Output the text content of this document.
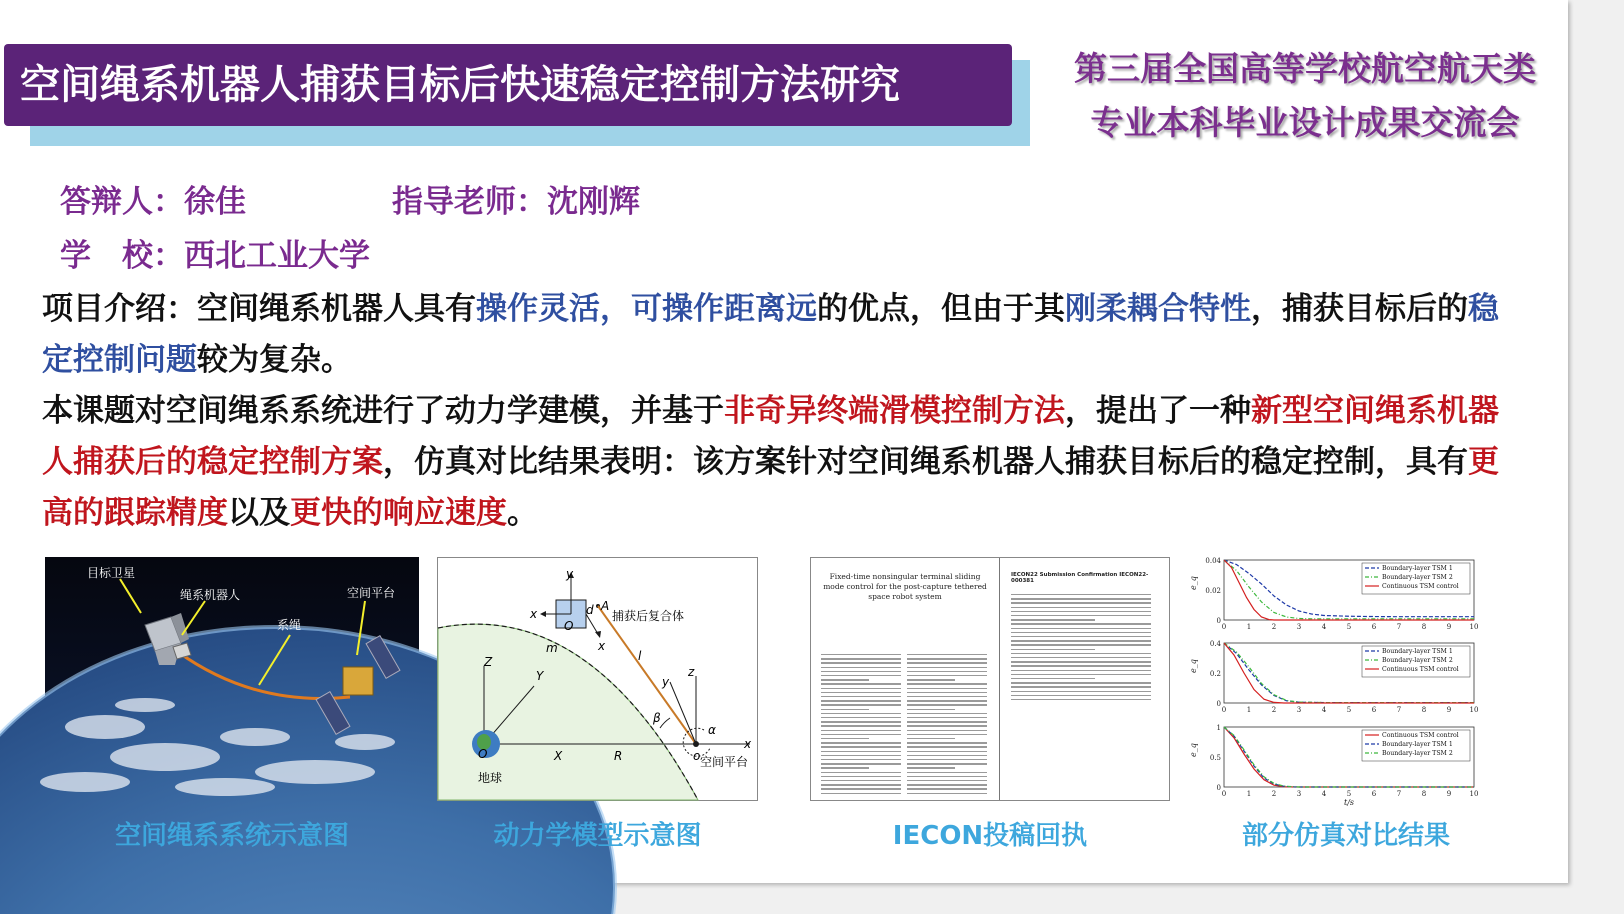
空间绳系机器人捕获目标后快速稳定控制方法研究	第三届全国高等学校航空航天类
专业本科毕业设计成果交流会
答辩人：徐佳	指导老师：沈刚辉
学　校：西北工业大学

项目介绍：空间绳系机器人具有操作灵活，可操作距离远的优点，但由于其刚柔耦合特性，捕获目标后的稳定控制问题较为复杂。

本课题对空间绳系系统进行了动力学建模，并基于非奇异终端滑模控制方法，提出了一种新型空间绳系机器人捕获后的稳定控制方案，仿真对比结果表明：该方案针对空间绳系机器人捕获目标后的稳定控制，具有更高的跟踪精度以及更快的响应速度。

目标卫星
绳系机器人	空间平台
系绳
空间绳系系统示意图
y
x
A
O
d
m	x
l
捕获后复合体
Z
Y
O	X	R
z
y
o
x
β
α
地球
空间平台
动力学模型示意图
Fixed-time nonsingular terminal sliding mode control for the post-capture tethered space robot system
IECON22 Submission Confirmation IECON22-000381
IECON投稿回执
0	1	2	3	4	5	6	7	8	9	10
0.04
0.02
0
e_q
Boundary-layer TSM 1
Boundary-layer TSM 2
Continuous TSM control
0	1	2	3	4	5	6	7	8	9	10
0.4
0.2
0
e_q
Boundary-layer TSM 1
Boundary-layer TSM 2
Continuous TSM control
0	1	2	3	4	5	6	7	8	9	10
1
0.5
0
e_q
Continuous TSM control
Boundary-layer TSM 1
Boundary-layer TSM 2
t/s
部分仿真对比结果
